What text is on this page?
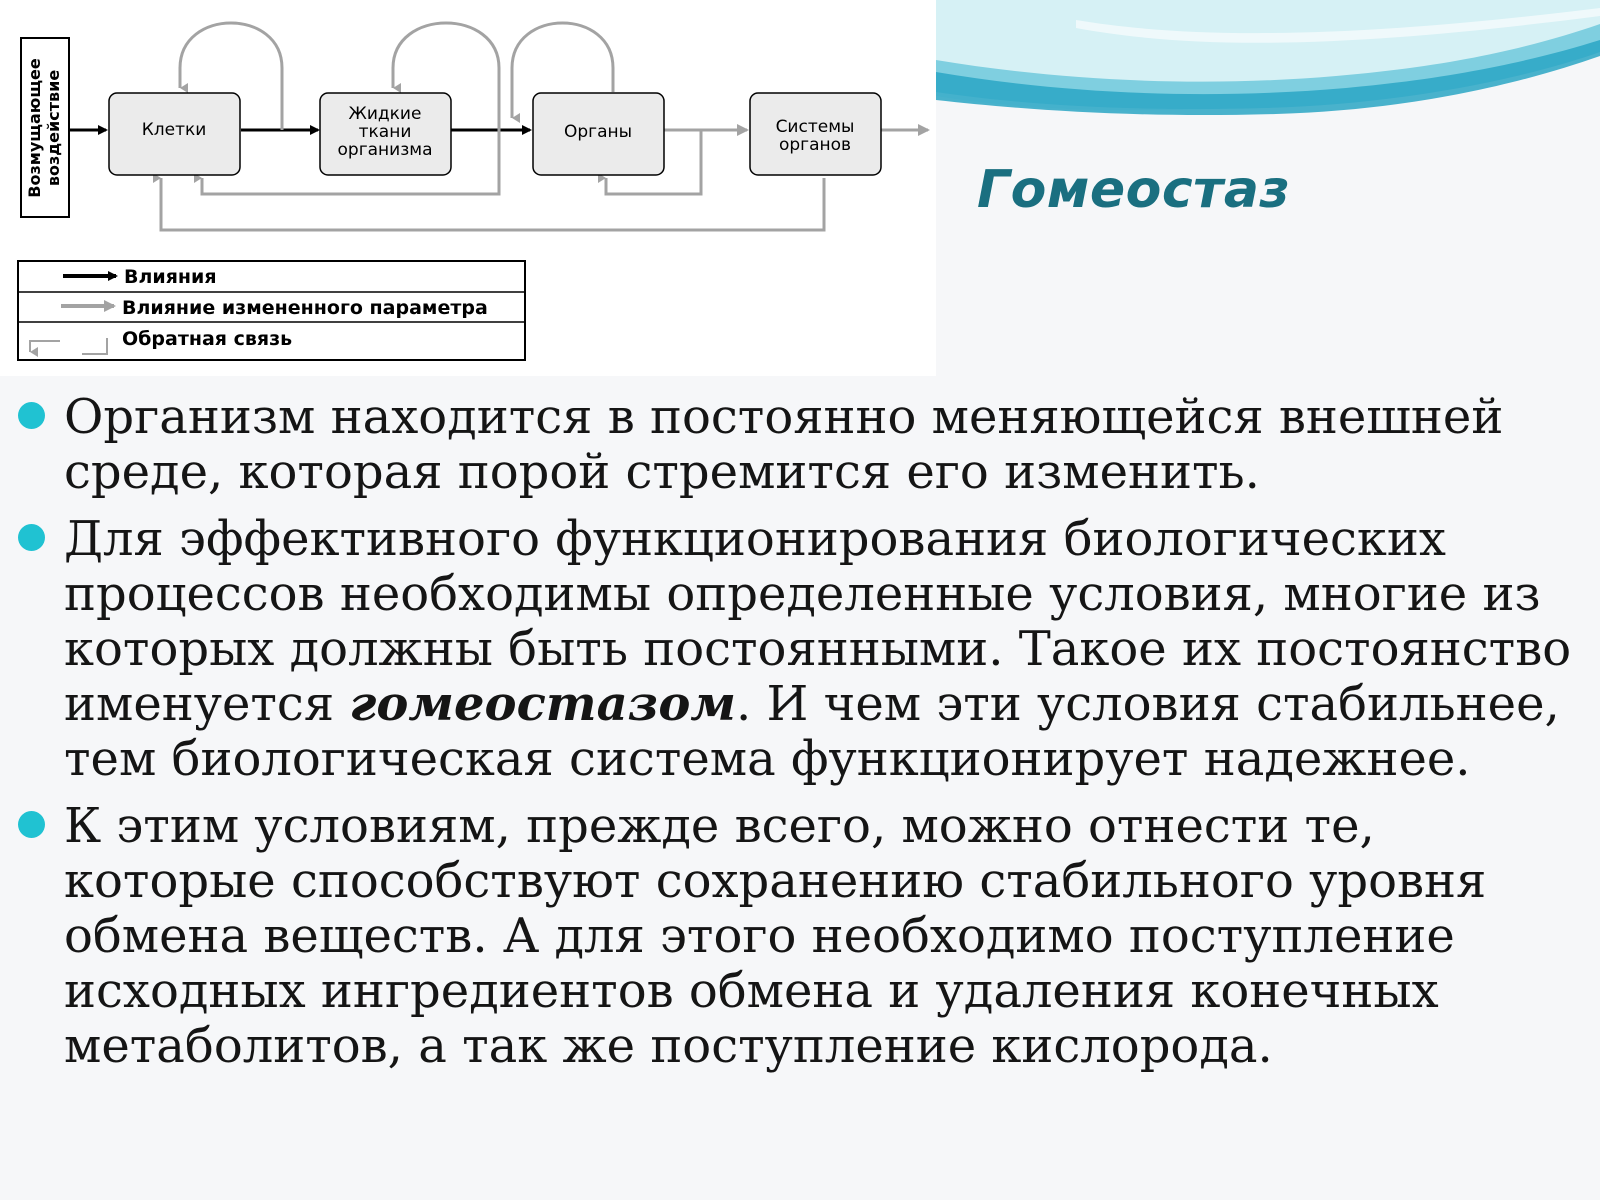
Возмущающее воздействие	Клетки
Жидкие
ткани
организма
Органы	Системы
органов
Влияния
Влияние измененного параметра
Обратная связь
Гомеостаз
Организм находится в постоянно меняющейся внешней среде, которая порой стремится его изменить.
Для эффективного функционирования биологических процессов необходимы определенные условия, многие из которых должны быть постоянными. Такое их постоянство именуется гомеостазом. И чем эти условия стабильнее, тем биологическая система функционирует надежнее.
К этим условиям, прежде всего, можно отнести те, которые способствуют сохранению стабильного уровня обмена веществ. А для этого необходимо поступление исходных ингредиентов обмена и удаления конечных метаболитов, а так же поступление кислорода.
